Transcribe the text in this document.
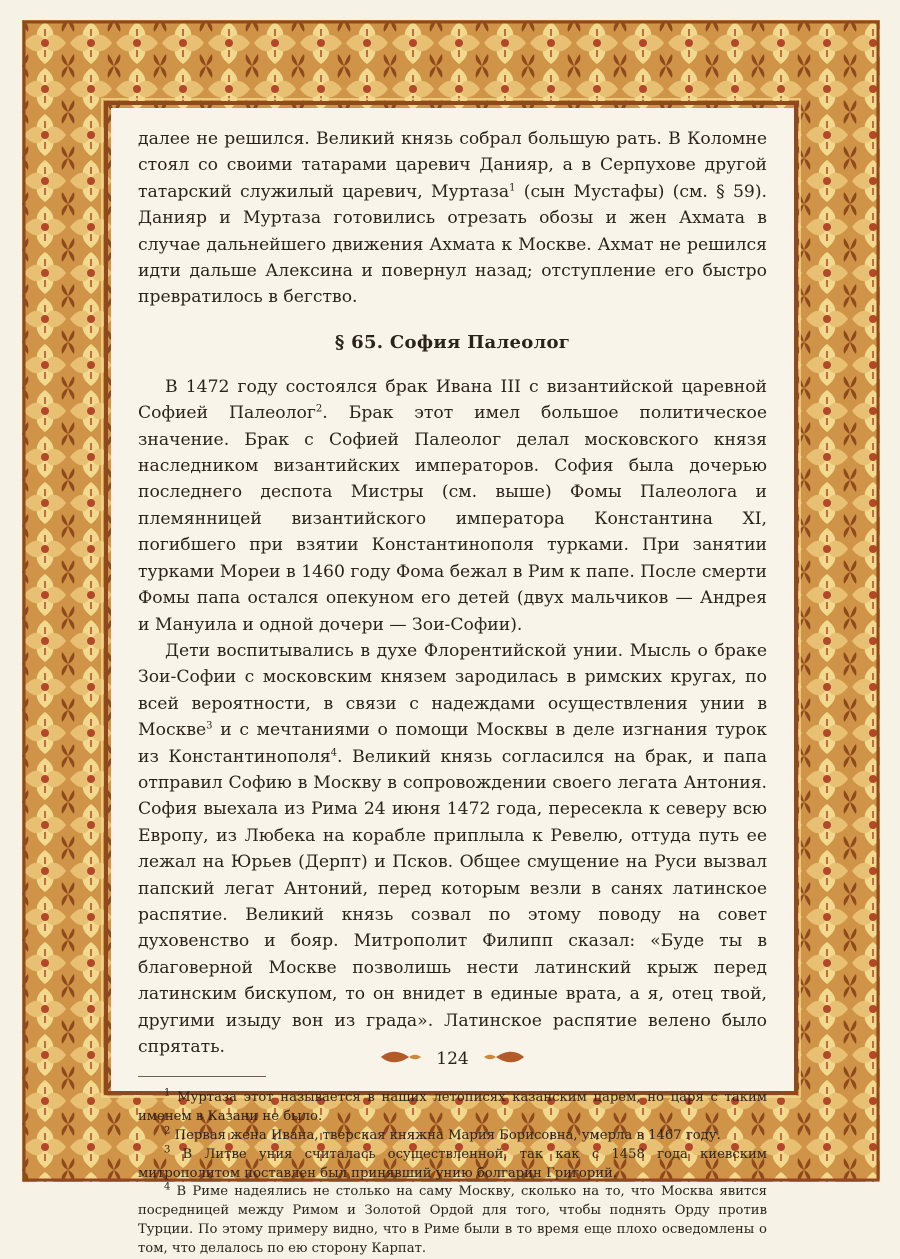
далее не решился. Великий князь собрал большую рать. В Коломне стоял со своими татарами царевич Данияр, а в Серпухове другой татарский служилый царевич, Муртаза$^1$ (сын Мустафы) (см. § 59). Данияр и Муртаза готовились отрезать обозы и жен Ахмата в случае дальнейшего движения Ахмата к Москве. Ахмат не решился идти дальше Алексина и повернул назад; отступление его быстро превратилось в бегство.

§ 65. София Палеолог

В 1472 году состоялся брак Ивана III с византийской царевной Софией Палеолог$^2$. Брак этот имел большое политическое значение. Брак с Софией Палеолог делал московского князя наследником византийских императоров. София была дочерью последнего деспота Мистры (см. выше) Фомы Палеолога и племянницей византийского императора Константина XI, погибшего при взятии Константинополя турками. При занятии турками Мореи в 1460 году Фома бежал в Рим к папе. После смерти Фомы папа остался опекуном его детей (двух мальчиков — Андрея и Мануила и одной дочери — Зои-Софии).

Дети воспитывались в духе Флорентийской унии. Мысль о браке Зои-Софии с московским князем зародилась в римских кругах, по всей вероятности, в связи с надеждами осуществления унии в Москве$^3$ и с мечтаниями о помощи Москвы в деле изгнания турок из Константинополя$^4$. Великий князь согласился на брак, и папа отправил Софию в Москву в сопровождении своего легата Антония. София выехала из Рима 24 июня 1472 года, пересекла к северу всю Европу, из Любека на корабле приплыла к Ревелю, оттуда путь ее лежал на Юрьев (Дерпт) и Псков. Общее смущение на Руси вызвал папский легат Антоний, перед которым везли в санях латинское распятие. Великий князь созвал по этому поводу на совет духовенство и бояр. Митрополит Филипп сказал: «Буде ты в благоверной Москве позволишь нести латинский крыж перед латинским бискупом, то он внидет в единые врата, а я, отец твой, другими изыду вон из града». Латинское распятие велено было спрятать.

$^1$ Муртаза этот называется в наших летописях казанским царем, но царя с таким именем в Казани не было.

$^2$ Первая жена Ивана, тверская княжна Мария Борисовна, умерла в 1467 году.

$^3$ В Литве уния считалась осуществленной, так как с 1458 года киевским митрополитом поставлен был принявший унию болгарин Григорий.

$^4$ В Риме надеялись не столько на саму Москву, сколько на то, что Москва явится посредницей между Римом и Золотой Ордой для того, чтобы поднять Орду против Турции. По этому примеру видно, что в Риме были в то время еще плохо осведомлены о том, что делалось по ею сторону Карпат.

124
